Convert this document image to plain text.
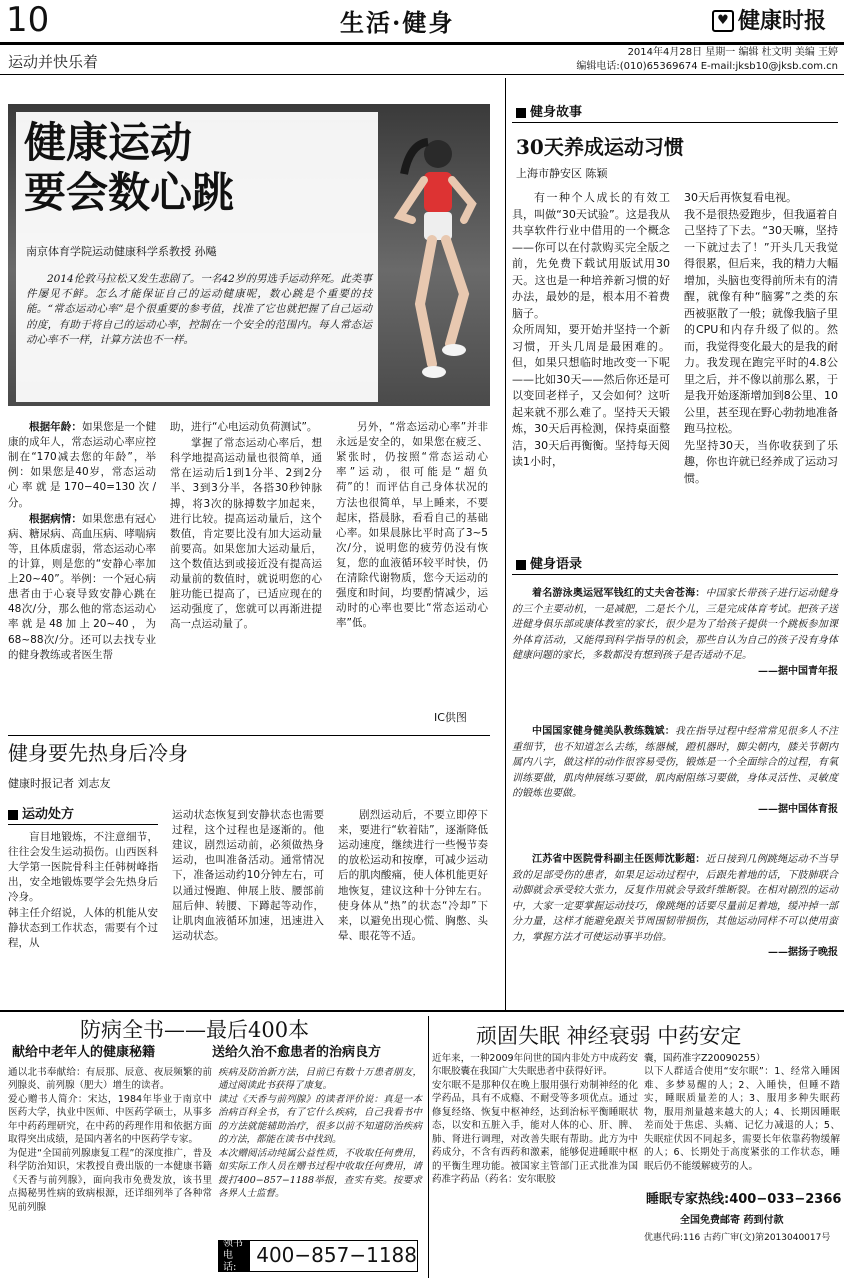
10	生活·健身	♥ 健康时报
运动并快乐着
2014年4月28日 星期一 编辑 杜文明 美编 王婷
编辑电话:(010)65369674 E-mail:jksb10@jksb.com.cn
健康运动
要会数心跳
南京体育学院运动健康科学系教授 孙飚

2014伦敦马拉松又发生悲剧了。一名42岁的男选手运动猝死。此类事件屡见不鲜。怎么才能保证自己的运动健康呢，数心跳是个重要的技能。“常态运动心率”是个很重要的参考值，找准了它也就把握了自己运动的度，有助于将自己的运动心率，控制在一个安全的范围内。每人常态运动心率不一样，计算方法也不一样。

根据年龄：如果您是一个健康的成年人，常态运动心率应控制在“170减去您的年龄”，举例：如果您是40岁，常态运动心率就是170−40=130次/分。

根据病情：如果您患有冠心病、糖尿病、高血压病、哮喘病等，且体质虚弱，常态运动心率的计算，则是您的“安静心率加上20~40”。举例：一个冠心病患者由于心衰导致安静心跳在48次/分，那么他的常态运动心率就是48加上20~40，为68~88次/分。还可以去找专业的健身教练或者医生帮

助，进行“心电运动负荷测试”。

掌握了常态运动心率后，想科学地提高运动量也很简单，通常在运动后1到1分半、2到2分半、3到3分半，各搭30秒钟脉搏，将3次的脉搏数字加起来，进行比较。提高运动量后，这个数值，肯定要比没有加大运动量前要高。如果您加大运动量后，这个数值达到或接近没有提高运动量前的数值时，就说明您的心脏功能已提高了，已适应现在的运动强度了，您就可以再渐进提高一点运动量了。

另外，“常态运动心率”并非永远是安全的，如果您在疲乏、紧张时，仍按照“常态运动心率”运动，很可能是“超负荷”的！而评估自己身体状况的方法也很简单，早上睡来，不要起床，搭晨脉，看看自己的基础心率。如果晨脉比平时高了3~5次/分，说明您的疲劳仍没有恢复，您的血液循环较平时快，仍在清除代谢物质，您今天运动的强度和时间，均要酌情减少，运动时的心率也要比“常态运动心率”低。

IC供图
健身要先热身后冷身
健康时报记者 刘志友
运动处方
盲目地锻炼，不注意细节，往往会发生运动损伤。山西医科大学第一医院骨科主任韩树峰指出，安全地锻炼要学会先热身后冷身。
韩主任介绍说，人体的机能从安静状态到工作状态，需要有个过程，从
运动状态恢复到安静状态也需要过程，这个过程也是逐渐的。他建议，剧烈运动前，必须做热身运动，也叫准备活动。通常情况下，准备运动约10分钟左右，可以通过慢跑、伸展上肢、腰部前屈后伸、转腰、下蹲起等动作，让肌肉血液循环加速，迅速进入运动状态。
剧烈运动后，不要立即停下来，要进行“软着陆”，逐渐降低运动速度，继续进行一些慢节奏的放松运动和按摩，可减少运动后的肌肉酸痛，使人体机能更好地恢复，建议这种十分钟左右。使身体从“热”的状态“冷却”下来，以避免出现心慌、胸憋、头晕、眼花等不适。
健身故事
30天养成运动习惯
上海市静安区 陈颖
有一种个人成长的有效工具，叫做“30天试验”。这是我从共享软件行业中借用的一个概念——你可以在付款购买完全版之前，先免费下载试用版试用30天。这也是一种培养新习惯的好办法，最妙的是，根本用不着费脑子。
众所周知，要开始并坚持一个新习惯，开头几周是最困难的。但，如果只想临时地改变一下呢——比如30天——然后你还是可以变回老样子，又会如何？这听起来就不那么难了。坚持天天锻炼，30天后再检测，保持桌面整洁，30天后再衡衡。坚持每天阅读1小时，
30天后再恢复看电视。
我不是很热爱跑步，但我逼着自己坚持了下去。“30天嘛，坚持一下就过去了！”开头几天我觉得很累，但后来，我的精力大幅增加，头脑也变得前所未有的清醒，就像有种“脑雾”之类的东西被驱散了一般；就像我脑子里的CPU和内存升级了似的。然而，我觉得变化最大的是我的耐力。我发现在跑完平时的4.8公里之后，并不像以前那么累，于是我开始逐渐增加到8公里、10公里，甚至现在野心勃勃地准备跑马拉松。
先坚持30天，当你收获到了乐趣，你也许就已经养成了运动习惯。
健身语录
着名游泳奥运冠军钱红的丈夫舍苍海：中国家长带孩子进行运动健身的三个主要动机，一是减肥，二是长个儿，三是完成体育考试。把孩子送进健身俱乐部或康体教室的家长，很少是为了给孩子提供一个跳板参加课外体育活动，又能得到科学指导的机会，那些自认为自己的孩子没有身体健康问题的家长，多数都没有想到孩子是否适动不足。
——据中国青年报
中国国家健身健美队教练魏斌：我在指导过程中经常常见很多人不注重细节，也不知道怎么去练，练器械，蹬机器时，脚尖朝内，膝关节朝内属内八字，做这样的动作很容易受伤，锻炼是一个全面综合的过程，有氧训练要做，肌肉伸展练习要做，肌肉耐阻练习要做，身体灵活性、灵敏度的锻炼也要做。
——据中国体育报
江苏省中医院骨科副主任医师沈影超：近日接到几例跳绳运动不当导致的足部受伤的患者，如果足运动过程中，后跟先着地的话，下肢肺联合动脚就会承受较大张力，反复作用就会导致纤维断裂。在相对剧烈的运动中，大家一定要掌握运动技巧，像跳绳的话要尽量前足着地，缓冲掉一部分力量，这样才能避免跟关节周围韧带损伤，其他运动同样不可以使用蛮力，掌握方法才可使运动事半功倍。
——据扬子晚报
防病全书——最后400本
献给中老年人的健康秘籍	送给久治不愈患者的治病良方
通以北书奉献给：有辰那、辰意、夜辰频繁的前列腺炎、前列腺（肥大）增生的读者。
爱心赠书人简介：宋达，1984年毕业于南京中医药大学，执业中医师、中医药学硕士，从事多年中药药理研究，在中药的药理作用和依据方面取得突出成绩，是国内著名的中医药学专家。
为促进“全国前列腺康复工程”的深度推广，普及科学防治知识，宋教授自费出版的一本健康书籍《天香与前列腺》，面向我市免费发放，该书里点揭秘男性病的致病根源，还详细列举了各种常见前列腺
疾病及防治新方法，目前已有数十万患者朋友，通过阅读此书获得了康复。
读过《天香与前列腺》的读者评价说：真是一本治病百科全书，有了它什么疾病，自己我看书中的方法就能辅助治疗，很多以前不知道防治疾病的方法，都能在读书中找到。
本次赠阅活动纯属公益性质，不收取任何费用，如实际工作人员在赠书过程中收取任何费用，请拨打400−857−1188举报，查实有奖。按要求各界人士监督。
领书电话:
400−857−1188
顽固失眠 神经衰弱 中药安定
近年来，一种2009年问世的国内非处方中成药安尔眠胶囊在我国广大失眠患者中获得好评。
安尔眠不是那种仅在晚上服用强行劝制神经的化学药品，具有不成瘾、不耐受等多项优点。通过修复经络、恢复中枢神经，达到治标平衡睡眠状态，以安和五脏入手，能对人体的心、肝、脾、肺、肾进行调理，对改善失眠有帮助。此方为中药成分，不含有西药和激素，能够促进睡眠中枢的平衡生理功能。被国家主管部门正式批准为国药准字药品（药名：安尔眠胶
囊，国药准字Z20090255）
以下人群适合使用“安尔眠”：1、经常入睡困难、多梦易醒的人；2、入睡快，但睡不踏实，睡眠质量差的人；3、服用多种失眠药物，服用剂量越来越大的人；4、长期因睡眠差而处于焦虑、头痛、记忆力减退的人；5、失眠症伏因不同起多，需要长年依靠药物缓解的人；6、长期处于高度紧张的工作状态，睡眠后仍不能缓解疲劳的人。
睡眠专家热线:400−033−2366
全国免费邮寄 药到付款
优惠代码:116 古药广审(文)第2013040017号
